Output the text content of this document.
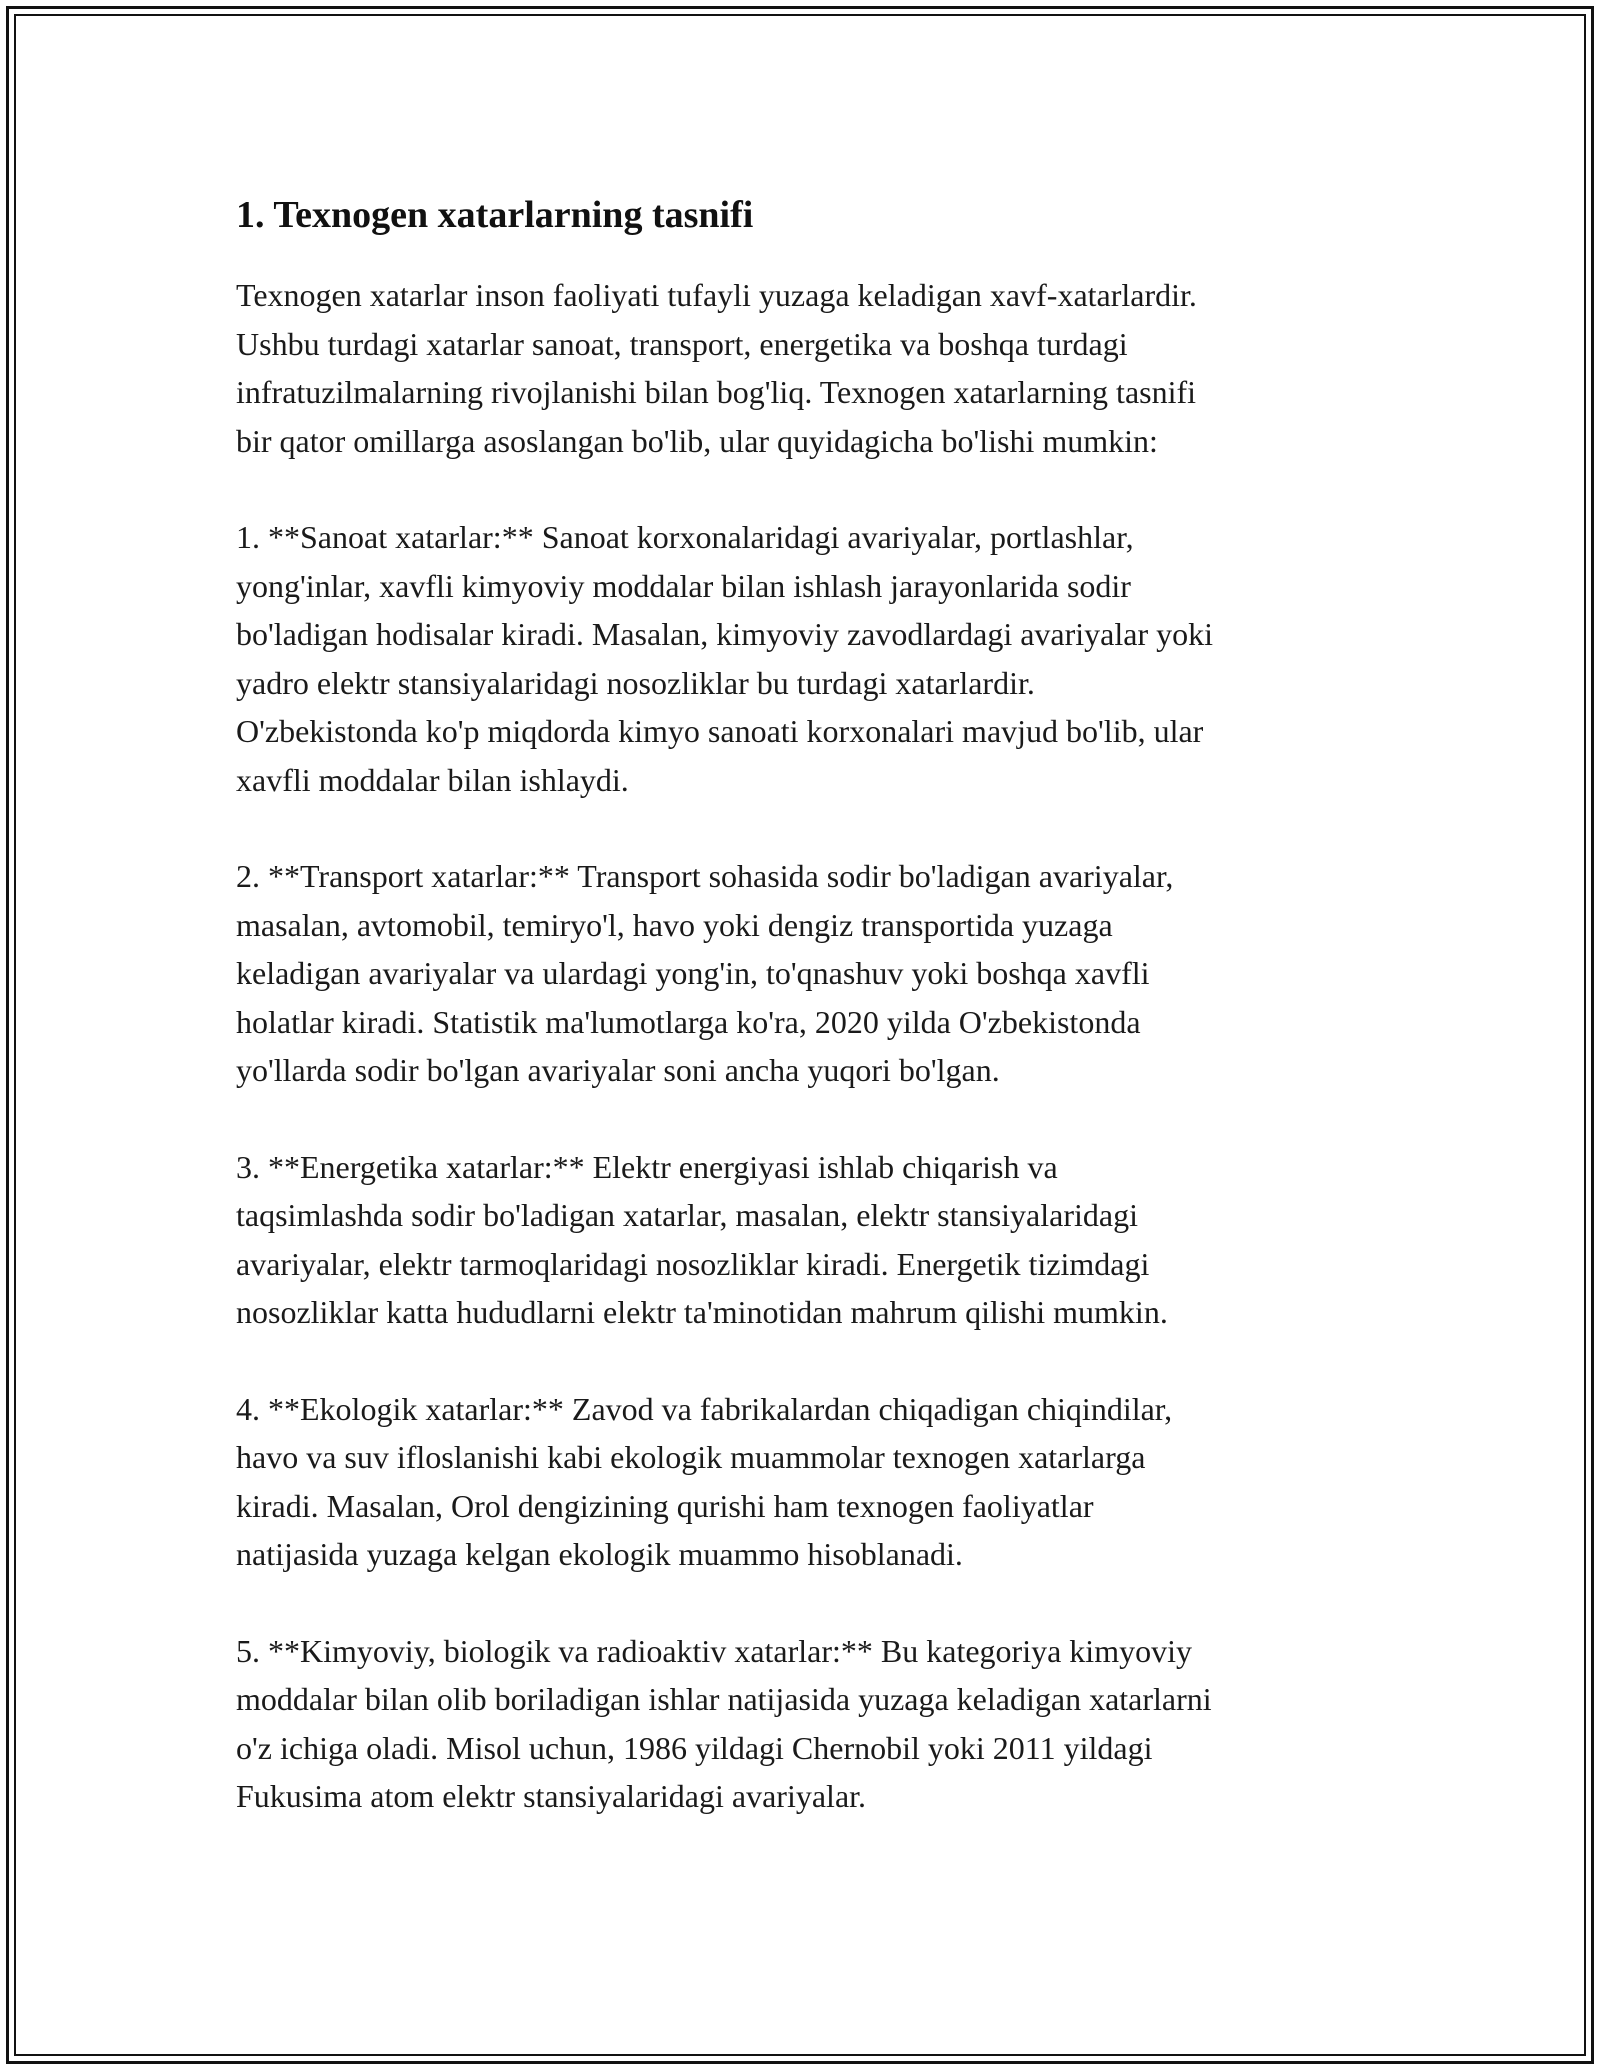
1. Texnogen xatarlarning tasnifi

Texnogen xatarlar inson faoliyati tufayli yuzaga keladigan xavf-xatarlardir.
Ushbu turdagi xatarlar sanoat, transport, energetika va boshqa turdagi
infratuzilmalarning rivojlanishi bilan bog'liq. Texnogen xatarlarning tasnifi
bir qator omillarga asoslangan bo'lib, ular quyidagicha bo'lishi mumkin:

1. **Sanoat xatarlar:** Sanoat korxonalaridagi avariyalar, portlashlar,
yong'inlar, xavfli kimyoviy moddalar bilan ishlash jarayonlarida sodir
bo'ladigan hodisalar kiradi. Masalan, kimyoviy zavodlardagi avariyalar yoki
yadro elektr stansiyalaridagi nosozliklar bu turdagi xatarlardir.
O'zbekistonda ko'p miqdorda kimyo sanoati korxonalari mavjud bo'lib, ular
xavfli moddalar bilan ishlaydi.

2. **Transport xatarlar:** Transport sohasida sodir bo'ladigan avariyalar,
masalan, avtomobil, temiryo'l, havo yoki dengiz transportida yuzaga
keladigan avariyalar va ulardagi yong'in, to'qnashuv yoki boshqa xavfli
holatlar kiradi. Statistik ma'lumotlarga ko'ra, 2020 yilda O'zbekistonda
yo'llarda sodir bo'lgan avariyalar soni ancha yuqori bo'lgan.

3. **Energetika xatarlar:** Elektr energiyasi ishlab chiqarish va
taqsimlashda sodir bo'ladigan xatarlar, masalan, elektr stansiyalaridagi
avariyalar, elektr tarmoqlaridagi nosozliklar kiradi. Energetik tizimdagi
nosozliklar katta hududlarni elektr ta'minotidan mahrum qilishi mumkin.

4. **Ekologik xatarlar:** Zavod va fabrikalardan chiqadigan chiqindilar,
havo va suv ifloslanishi kabi ekologik muammolar texnogen xatarlarga
kiradi. Masalan, Orol dengizining qurishi ham texnogen faoliyatlar
natijasida yuzaga kelgan ekologik muammo hisoblanadi.

5. **Kimyoviy, biologik va radioaktiv xatarlar:** Bu kategoriya kimyoviy
moddalar bilan olib boriladigan ishlar natijasida yuzaga keladigan xatarlarni
o'z ichiga oladi. Misol uchun, 1986 yildagi Chernobil yoki 2011 yildagi
Fukusima atom elektr stansiyalaridagi avariyalar.
